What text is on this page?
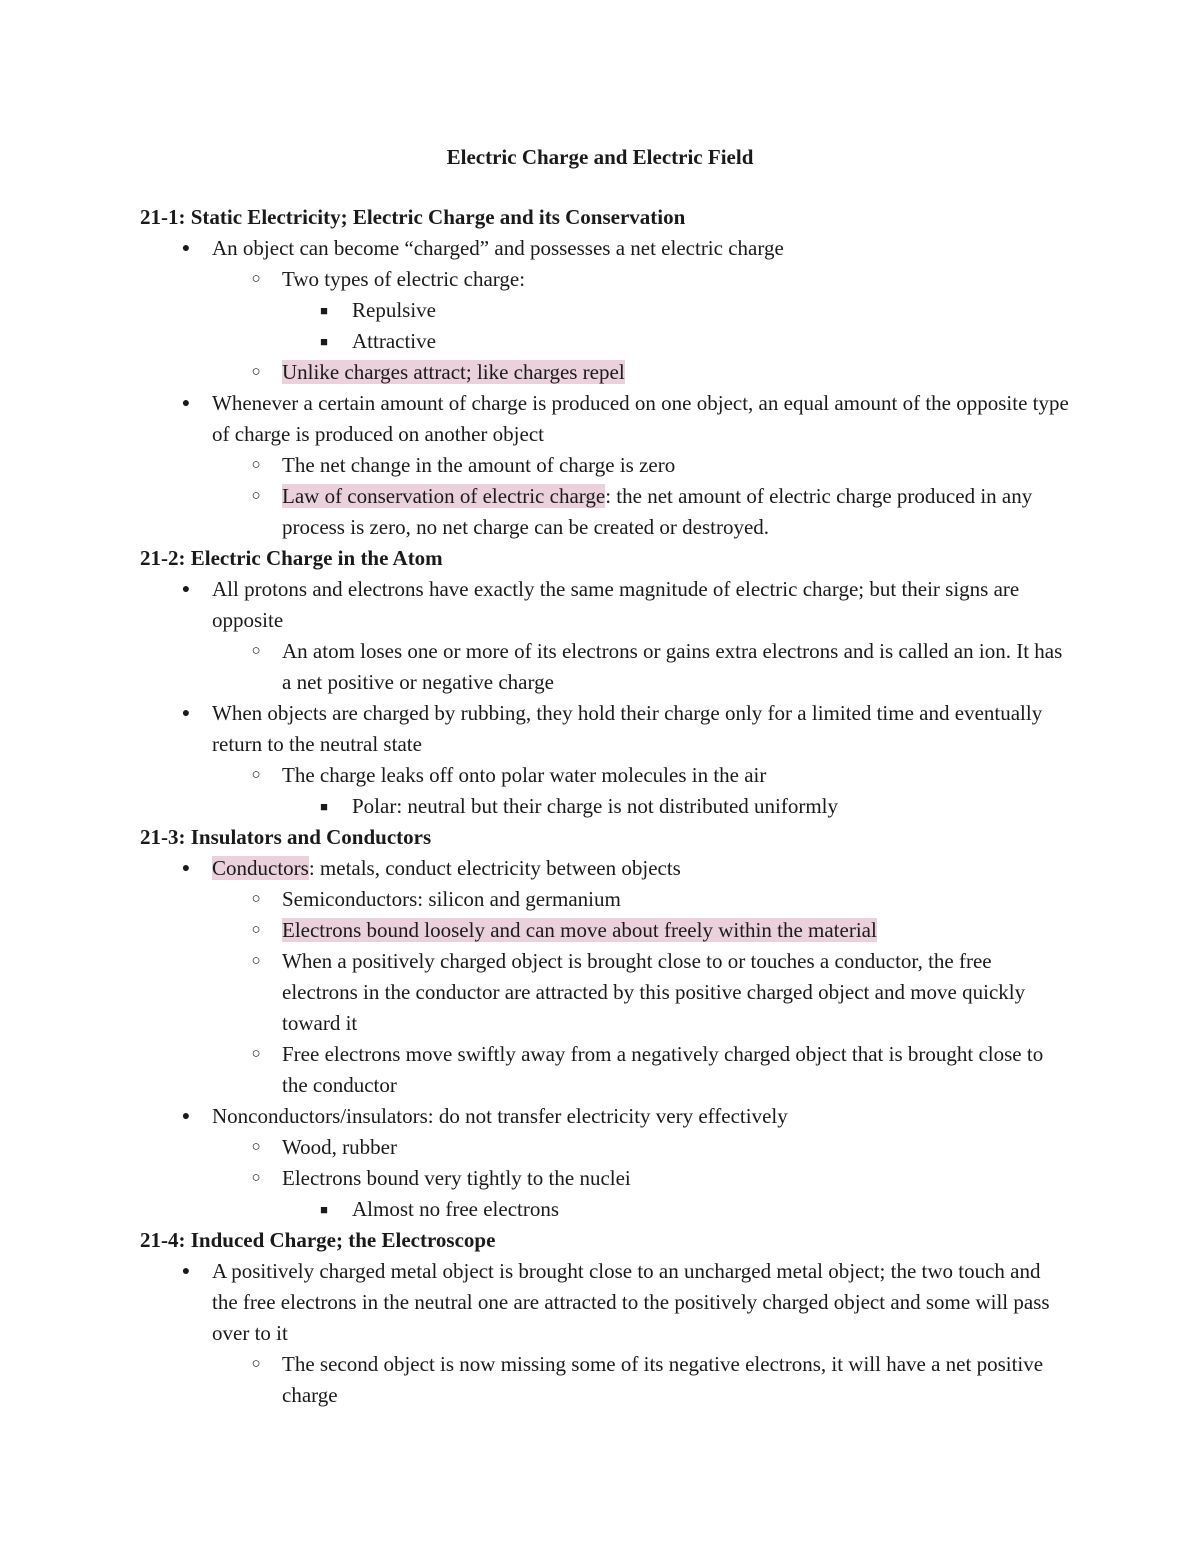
Electric Charge and Electric Field
21-1: Static Electricity; Electric Charge and its Conservation
●	An object can become “charged” and possesses a net electric charge
○	Two types of electric charge:
■	Repulsive
■	Attractive
○	Unlike charges attract; like charges repel
●	Whenever a certain amount of charge is produced on one object, an equal amount of the opposite type of charge is produced on another object
○	The net change in the amount of charge is zero
○	Law of conservation of electric charge: the net amount of electric charge produced in any process is zero, no net charge can be created or destroyed.
21-2: Electric Charge in the Atom
●	All protons and electrons have exactly the same magnitude of electric charge; but their signs are opposite
○	An atom loses one or more of its electrons or gains extra electrons and is called an ion. It has a net positive or negative charge
●	When objects are charged by rubbing, they hold their charge only for a limited time and eventually return to the neutral state
○	The charge leaks off onto polar water molecules in the air
■	Polar: neutral but their charge is not distributed uniformly
21-3: Insulators and Conductors
●	Conductors: metals, conduct electricity between objects
○	Semiconductors: silicon and germanium
○	Electrons bound loosely and can move about freely within the material
○	When a positively charged object is brought close to or touches a conductor, the free electrons in the conductor are attracted by this positive charged object and move quickly toward it
○	Free electrons move swiftly away from a negatively charged object that is brought close to the conductor
●	Nonconductors/insulators: do not transfer electricity very effectively
○	Wood, rubber
○	Electrons bound very tightly to the nuclei
■	Almost no free electrons
21-4: Induced Charge; the Electroscope
●	A positively charged metal object is brought close to an uncharged metal object; the two touch and the free electrons in the neutral one are attracted to the positively charged object and some will pass over to it
○	The second object is now missing some of its negative electrons, it will have a net positive charge
